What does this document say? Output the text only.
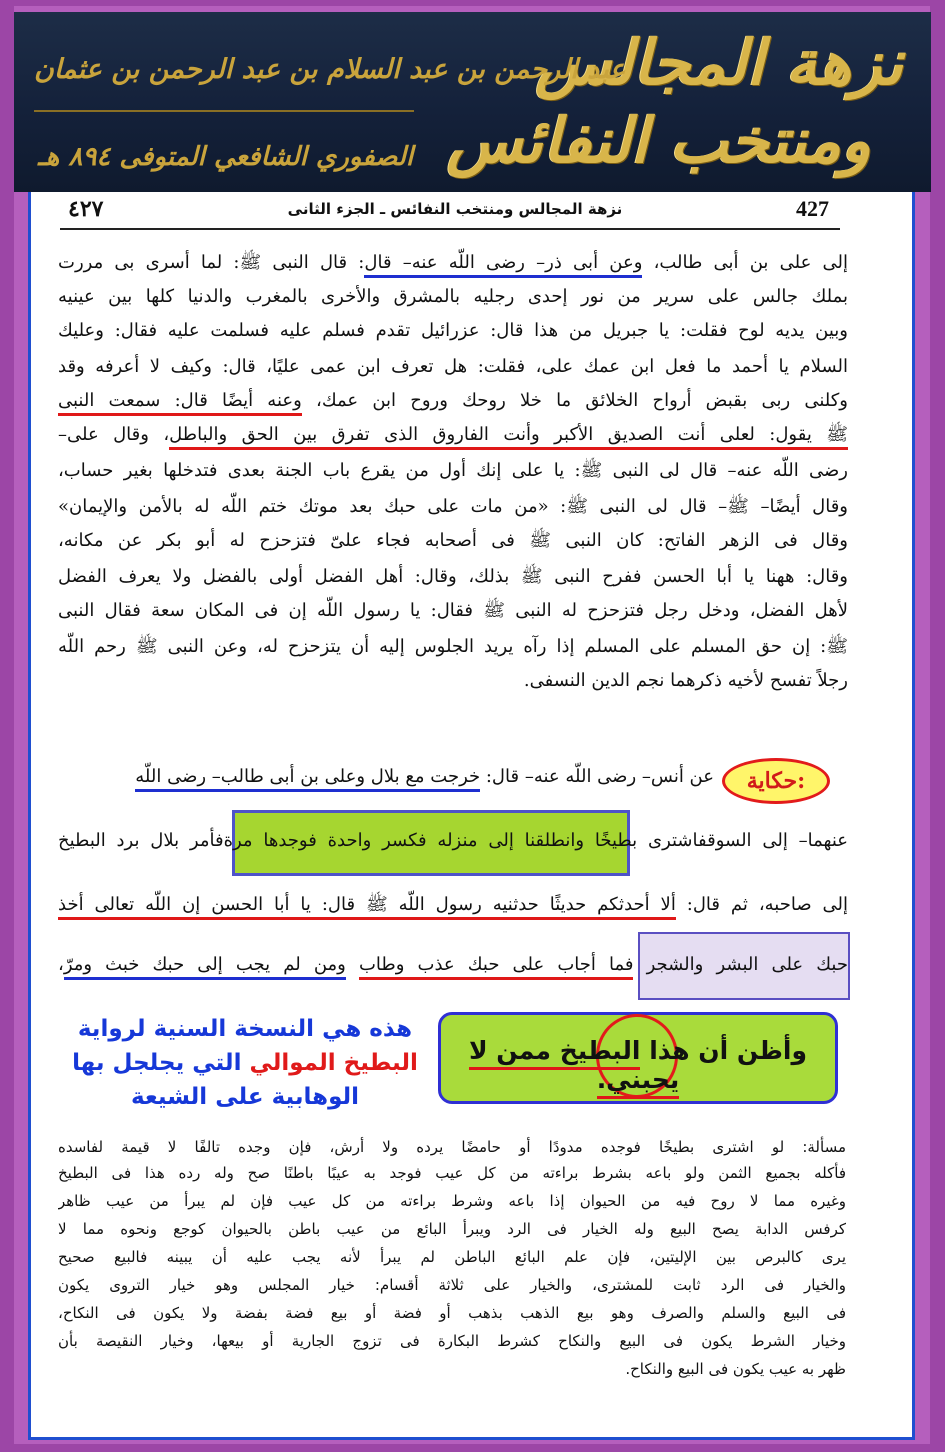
نزهة المجالس
ومنتخب النفائس
عبد الرحمن بن عبد السلام بن عبد الرحمن بن عثمان
الصفوري الشافعي المتوفى ٨٩٤ هـ
427
نزهة المجالس ومنتخب النفائس ـ الجزء الثانى
٤٢٧
إلى على بن أبى طالب، وعن أبى ذر– رضى اللّه عنه– قال: قال النبى ﷺ: لما أسرى بى مررت
بملك جالس على سرير من نور إحدى رجليه بالمشرق والأخرى بالمغرب والدنيا كلها بين عينيه
وبين يديه لوح فقلت: يا جبريل من هذا قال: عزرائيل تقدم فسلم عليه فسلمت عليه فقال: وعليك
السلام يا أحمد ما فعل ابن عمك على، فقلت: هل تعرف ابن عمى عليًا، قال: وكيف لا أعرفه وقد
وكلنى ربى بقبض أرواح الخلائق ما خلا روحك وروح ابن عمك، وعنه أيضًا قال: سمعت النبى
ﷺ يقول: لعلى أنت الصديق الأكبر وأنت الفاروق الذى تفرق بين الحق والباطل، وقال على–
رضى اللّه عنه– قال لى النبى ﷺ: يا على إنك أول من يقرع باب الجنة بعدى فتدخلها بغير حساب،
وقال أيضًا– ﷺ– قال لى النبى ﷺ: «من مات على حبك بعد موتك ختم اللّه له بالأمن والإيمان»
وقال فى الزهر الفاتح: كان النبى ﷺ فى أصحابه فجاء علىّ فتزحزح له أبو بكر عن مكانه،
وقال: ههنا يا أبا الحسن ففرح النبى ﷺ بذلك، وقال: أهل الفضل أولى بالفضل ولا يعرف الفضل
لأهل الفضل، ودخل رجل فتزحزح له النبى ﷺ فقال: يا رسول اللّه إن فى المكان سعة فقال النبى
ﷺ: إن حق المسلم على المسلم إذا رآه يريد الجلوس إليه أن يتزحزح له، وعن النبى ﷺ رحم اللّه
رجلاً تفسح لأخيه ذكرهما نجم الدين النسفى.
حكاية:
عن أنس– رضى اللّه عنه– قال: خرجت مع بلال وعلى بن أبى طالب– رضى اللّه
عنهما– إلى السوقفاشترى بطيخًا وانطلقنا إلى منزله فكسر واحدة فوجدها مرةفأمر بلال برد البطيخ
إلى صاحبه، ثم قال: ألا أحدثكم حديثًا حدثنيه رسول اللّه ﷺ قال: يا أبا الحسن إن اللّه تعالى أخذ
حبك على البشر والشجر فما أجاب على حبك عذب وطاب ومن لم يجب إلى حبك خبث ومرّ،
وأظن أن هذا البطيخ ممن لا يحبني.
هذه هي النسخة السنية لرواية
البطيخ الموالي التي يجلجل بها
الوهابية على الشيعة
مسألة: لو اشترى بطيخًا فوجده مدودًا أو حامضًا يرده ولا أرش، فإن وجده تالفًا لا قيمة لفاسده
فأكله بجميع الثمن ولو باعه بشرط براءته من كل عيب فوجد به عيبًا باطنًا صح وله رده هذا فى البطيخ
وغيره مما لا روح فيه من الحيوان إذا باعه وشرط براءته من كل عيب فإن لم يبرأ من عيب ظاهر
كرفس الدابة يصح البيع وله الخيار فى الرد ويبرأ البائع من عيب باطن بالحيوان كوجع ونحوه مما لا
يرى كالبرص بين الإليتين، فإن علم البائع الباطن لم يبرأ لأنه يجب عليه أن يبينه فالبيع صحيح
والخيار فى الرد ثابت للمشترى، والخيار على ثلاثة أقسام: خيار المجلس وهو خيار التروى يكون
فى البيع والسلم والصرف وهو بيع الذهب بذهب أو فضة أو بيع فضة بفضة ولا يكون فى النكاح،
وخيار الشرط يكون فى البيع والنكاح كشرط البكارة فى تزوج الجارية أو بيعها، وخيار النقيصة بأن
ظهر به عيب يكون فى البيع والنكاح.
